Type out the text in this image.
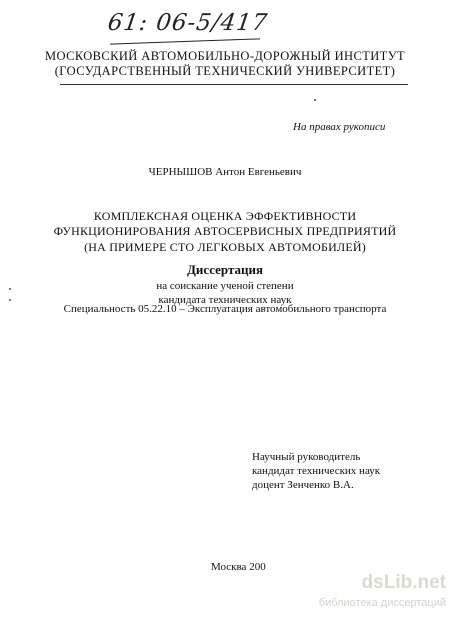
61: 06-5/417
МОСКОВСКИЙ АВТОМОБИЛЬНО-ДОРОЖНЫЙ ИНСТИТУТ
(ГОСУДАРСТВЕННЫЙ ТЕХНИЧЕСКИЙ УНИВЕРСИТЕТ)
На правах рукописи
ЧЕРНЫШОВ Антон Евгеньевич
КОМПЛЕКСНАЯ ОЦЕНКА ЭФФЕКТИВНОСТИ
ФУНКЦИОНИРОВАНИЯ АВТОСЕРВИСНЫХ ПРЕДПРИЯТИЙ
(НА ПРИМЕРЕ СТО ЛЕГКОВЫХ АВТОМОБИЛЕЙ)
Специальность 05.22.10 – Эксплуатация автомобильного транспорта
Диссертация
на соискание ученой степени
кандидата технических наук
Научный руководитель
кандидат технических наук
доцент Зенченко В.А.
Москва 200
dsLib.net
библиотека диссертаций
